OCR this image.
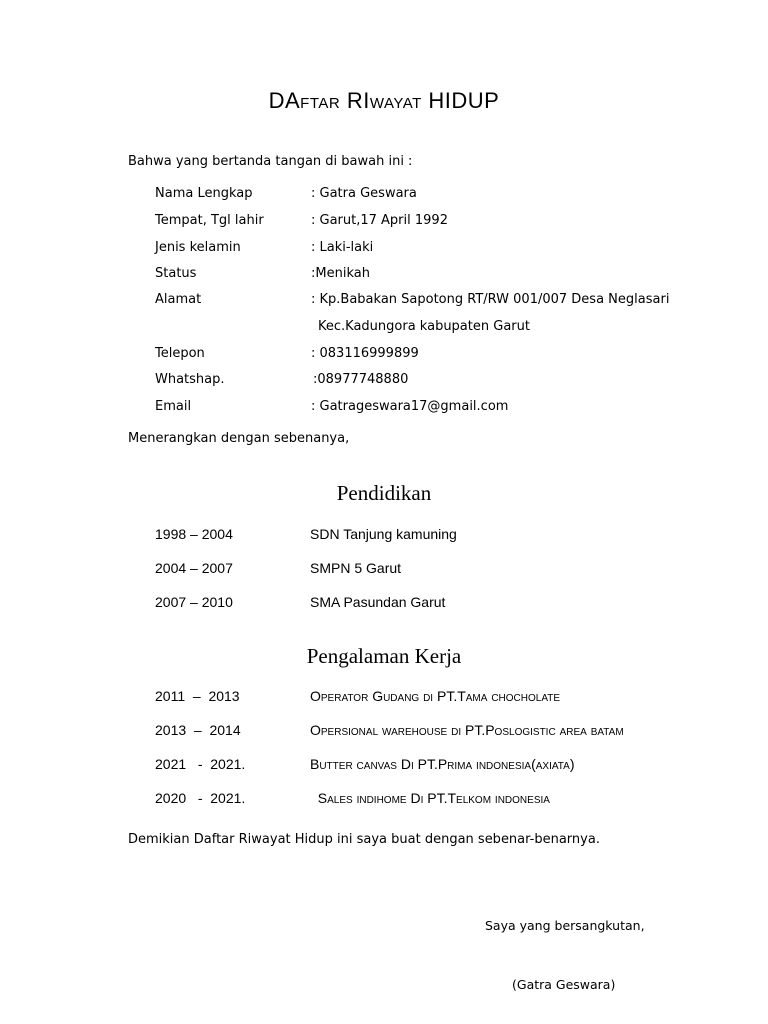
DAftar RIwayat HIDUP
Bahwa yang bertanda tangan di bawah ini :
Nama Lengkap	: Gatra Geswara
Tempat, Tgl lahir	: Garut,17 April 1992
Jenis kelamin	: Laki-laki
Status	:Menikah
Alamat	: Kp.Babakan Sapotong RT/RW 001/007 Desa Neglasari
Kec.Kadungora kabupaten Garut
Telepon	: 083116999899
Whatshap.	:08977748880
Email	: Gatrageswara17@gmail.com
Menerangkan dengan sebenanya,
Pendidikan
1998 – 2004	SDN Tanjung kamuning
2004 – 2007	SMPN 5 Garut
2007 – 2010	SMA Pasundan Garut
Pengalaman Kerja
2011  –  2013	Operator Gudang di PT.Tama chocholate
2013  –  2014	Opersional warehouse di PT.Poslogistic area batam
2021   -  2021.	Butter canvas Di PT.Prima indonesia(axiata)
2020   -  2021.	Sales indihome Di PT.Telkom indonesia
Demikian Daftar Riwayat Hidup ini saya buat dengan sebenar-benarnya.
Saya yang bersangkutan,
(Gatra Geswara)
